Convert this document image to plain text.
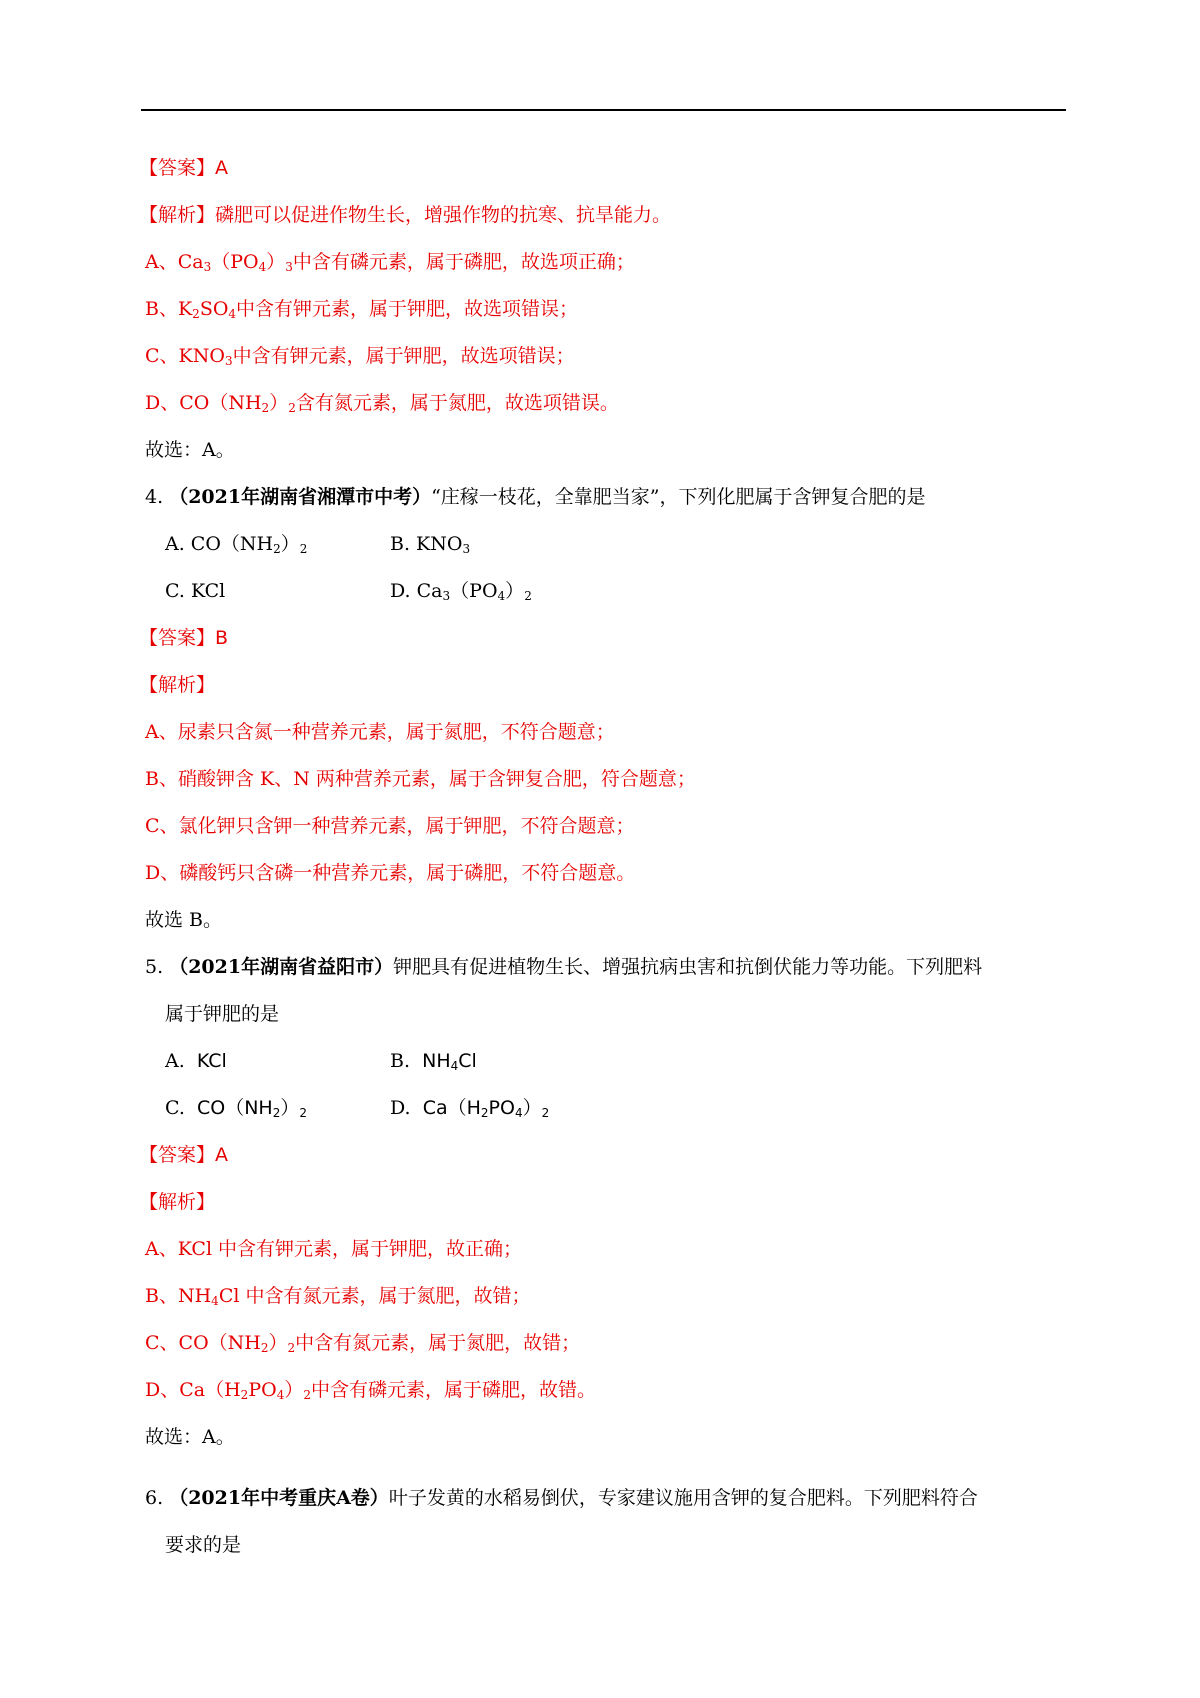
【答案】A
【解析】磷肥可以促进作物生长，增强作物的抗寒、抗旱能力。
A、$Ca_3(PO_4)_3$中含有磷元素，属于磷肥，故选项正确；
B、$K_2SO_4$中含有钾元素，属于钾肥，故选项错误；
C、$KNO_3$中含有钾元素，属于钾肥，故选项错误；
D、$CO(NH_2)_2$含有氮元素，属于氮肥，故选项错误。
故选：A。
4. （2021年湖南省湘潭市中考）“庄稼一枝花，全靠肥当家”，下列化肥属于含钾复合肥的是
A. $CO(NH_2)_2$	B. $KNO_3$
C. KCl	D. $Ca_3(PO_4)_2$
【答案】B
【解析】
A、尿素只含氮一种营养元素，属于氮肥，不符合题意；
B、硝酸钾含 K、N 两种营养元素，属于含钾复合肥，符合题意；
C、氯化钾只含钾一种营养元素，属于钾肥，不符合题意；
D、磷酸钙只含磷一种营养元素，属于磷肥，不符合题意。
故选 B。
5. （2021年湖南省益阳市）钾肥具有促进植物生长、增强抗病虫害和抗倒伏能力等功能。下列肥料
属于钾肥的是
A. KCl	B. $NH_4Cl$
C. $CO(NH_2)_2$	D. $Ca(H_2PO_4)_2$
【答案】A
【解析】
A、KCl 中含有钾元素，属于钾肥，故正确；
B、$NH_4Cl$ 中含有氮元素，属于氮肥，故错；
C、$CO(NH_2)_2$中含有氮元素，属于氮肥，故错；
D、$Ca(H_2PO_4)_2$中含有磷元素，属于磷肥，故错。
故选：A。
6. （2021年中考重庆A卷）叶子发黄的水稻易倒伏，专家建议施用含钾的复合肥料。下列肥料符合
要求的是
